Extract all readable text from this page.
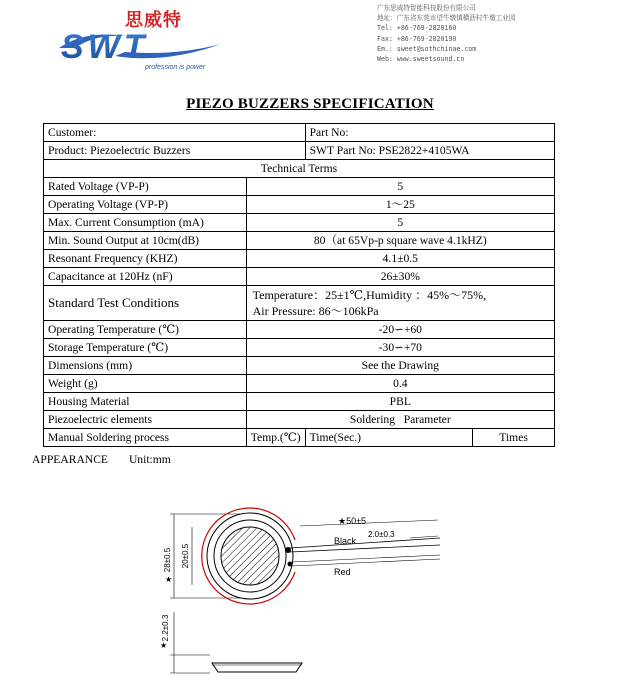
思威特
SWT
profession is power
广东思威特智能科技股份有限公司
地址：广东省东莞市望牛墩镇横沥村牛墩工业园
Tel: +86-769-2820160
Fax: +86-769-2820190
Em.: sweet@sothchinae.com
Web: www.sweetsound.cn
PIEZO BUZZERS SPECIFICATION
Customer:		Part No:	
Product: Piezoelectric Buzzers		SWT Part No: PSE2822+4105WA	
Technical Terms			
Rated Voltage (VP-P)	5		
Operating Voltage (VP-P)	1～25		
Max. Current Consumption (mA)	5		
Min. Sound Output at 10cm(dB)	80（at 65Vp-p square wave 4.1kHZ)		
Resonant Frequency (KHZ)	4.1±0.5		
Capacitance at 120Hz (nF)	26±30%		
Standard Test Conditions	Temperature：25±1℃,Humidity ：45%～75%,
Air Pressure: 86～106kPa		

Operating Temperature (℃)	-20∽+60		
Storage Temperature (℃)	-30∽+70		
Dimensions (mm)	See the Drawing		
Weight (g)	0.4		
Housing Material	PBL		
Piezoelectric elements	Soldering   Parameter		
Manual Soldering process	Temp.(℃)	Time(Sec.)	Times
APPEARANCE Unit:mm
28±0.5
★
20±0.5
★50±5
2.0±0.3
Black
Red
2.2±0.3
★
